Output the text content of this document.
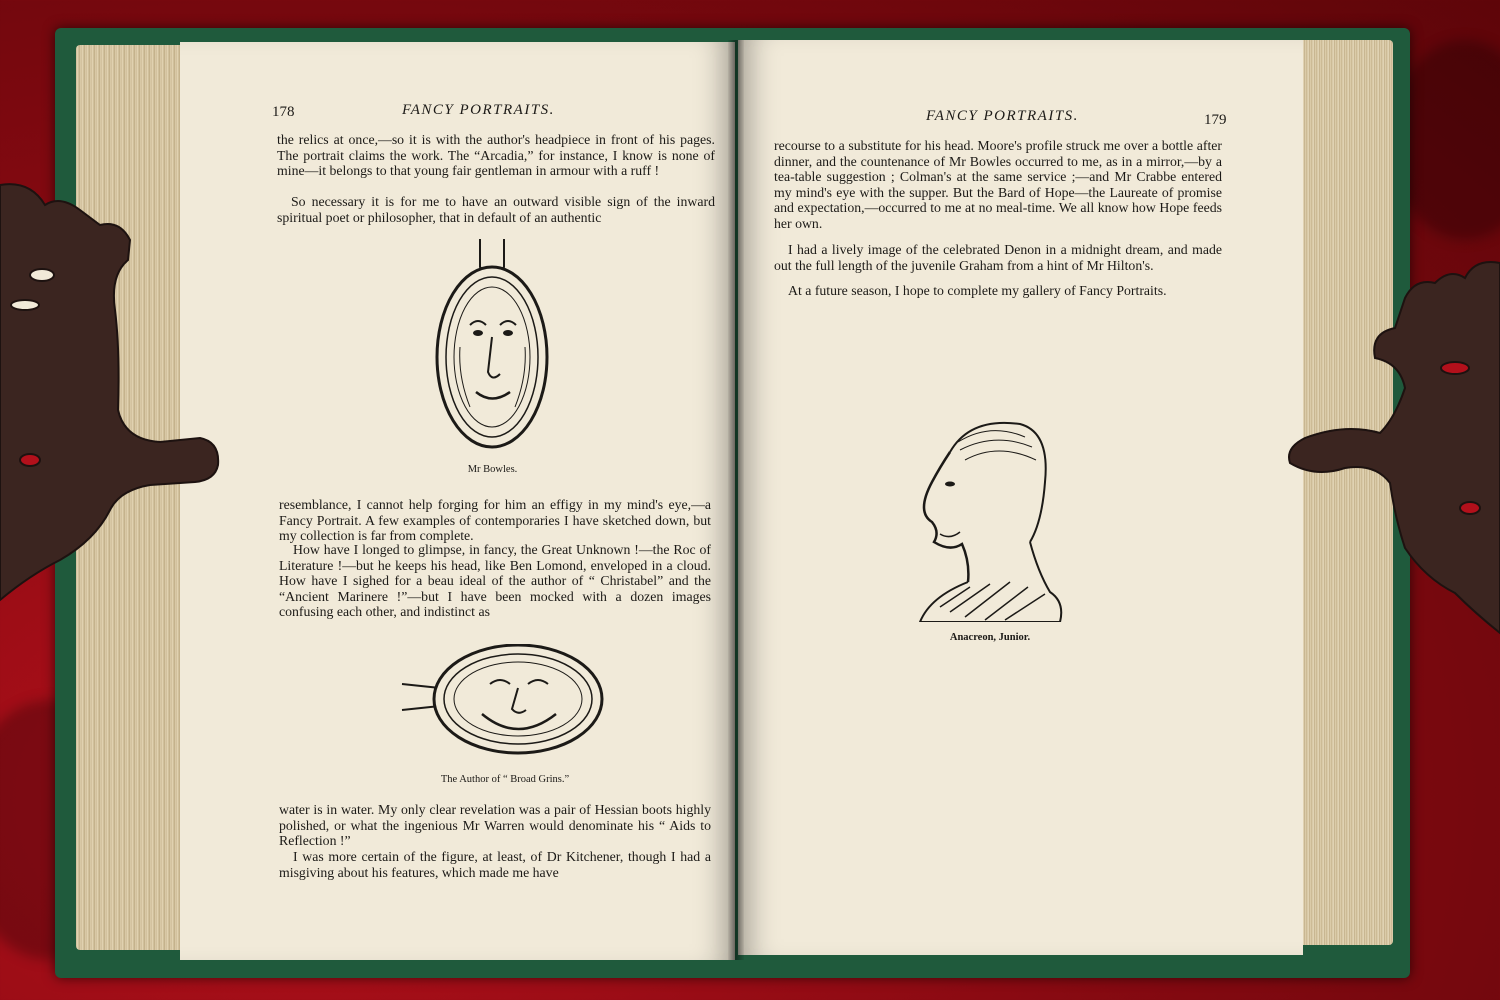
178	FANCY PORTRAITS.

the relics at once,—so it is with the author's headpiece in front of his pages. The portrait claims the work. The “Arcadia,” for instance, I know is none of mine—it belongs to that young fair gentleman in armour with a ruff !

So necessary it is for me to have an outward visible sign of the inward spiritual poet or philosopher, that in default of an authentic

Mr Bowles.

resemblance, I cannot help forging for him an effigy in my mind's eye,—a Fancy Portrait. A few examples of contemporaries I have sketched down, but my collection is far from complete.

How have I longed to glimpse, in fancy, the Great Unknown !—the Roc of Literature !—but he keeps his head, like Ben Lomond, enveloped in a cloud. How have I sighed for a beau ideal of the author of “ Christabel” and the “Ancient Marinere !”—but I have been mocked with a dozen images confusing each other, and indistinct as

The Author of “ Broad Grins.”

water is in water. My only clear revelation was a pair of Hessian boots highly polished, or what the ingenious Mr Warren would denominate his “ Aids to Reflection !”

I was more certain of the figure, at least, of Dr Kitchener, though I had a misgiving about his features, which made me have

FANCY PORTRAITS.	179

recourse to a substitute for his head. Moore's profile struck me over a bottle after dinner, and the countenance of Mr Bowles occurred to me, as in a mirror,—by a tea-table suggestion ; Colman's at the same service ;—and Mr Crabbe entered my mind's eye with the supper. But the Bard of Hope—the Laureate of promise and expectation,—occurred to me at no meal-time. We all know how Hope feeds her own.

I had a lively image of the celebrated Denon in a midnight dream, and made out the full length of the juvenile Graham from a hint of Mr Hilton's.

At a future season, I hope to complete my gallery of Fancy Portraits.

Anacreon, Junior.
